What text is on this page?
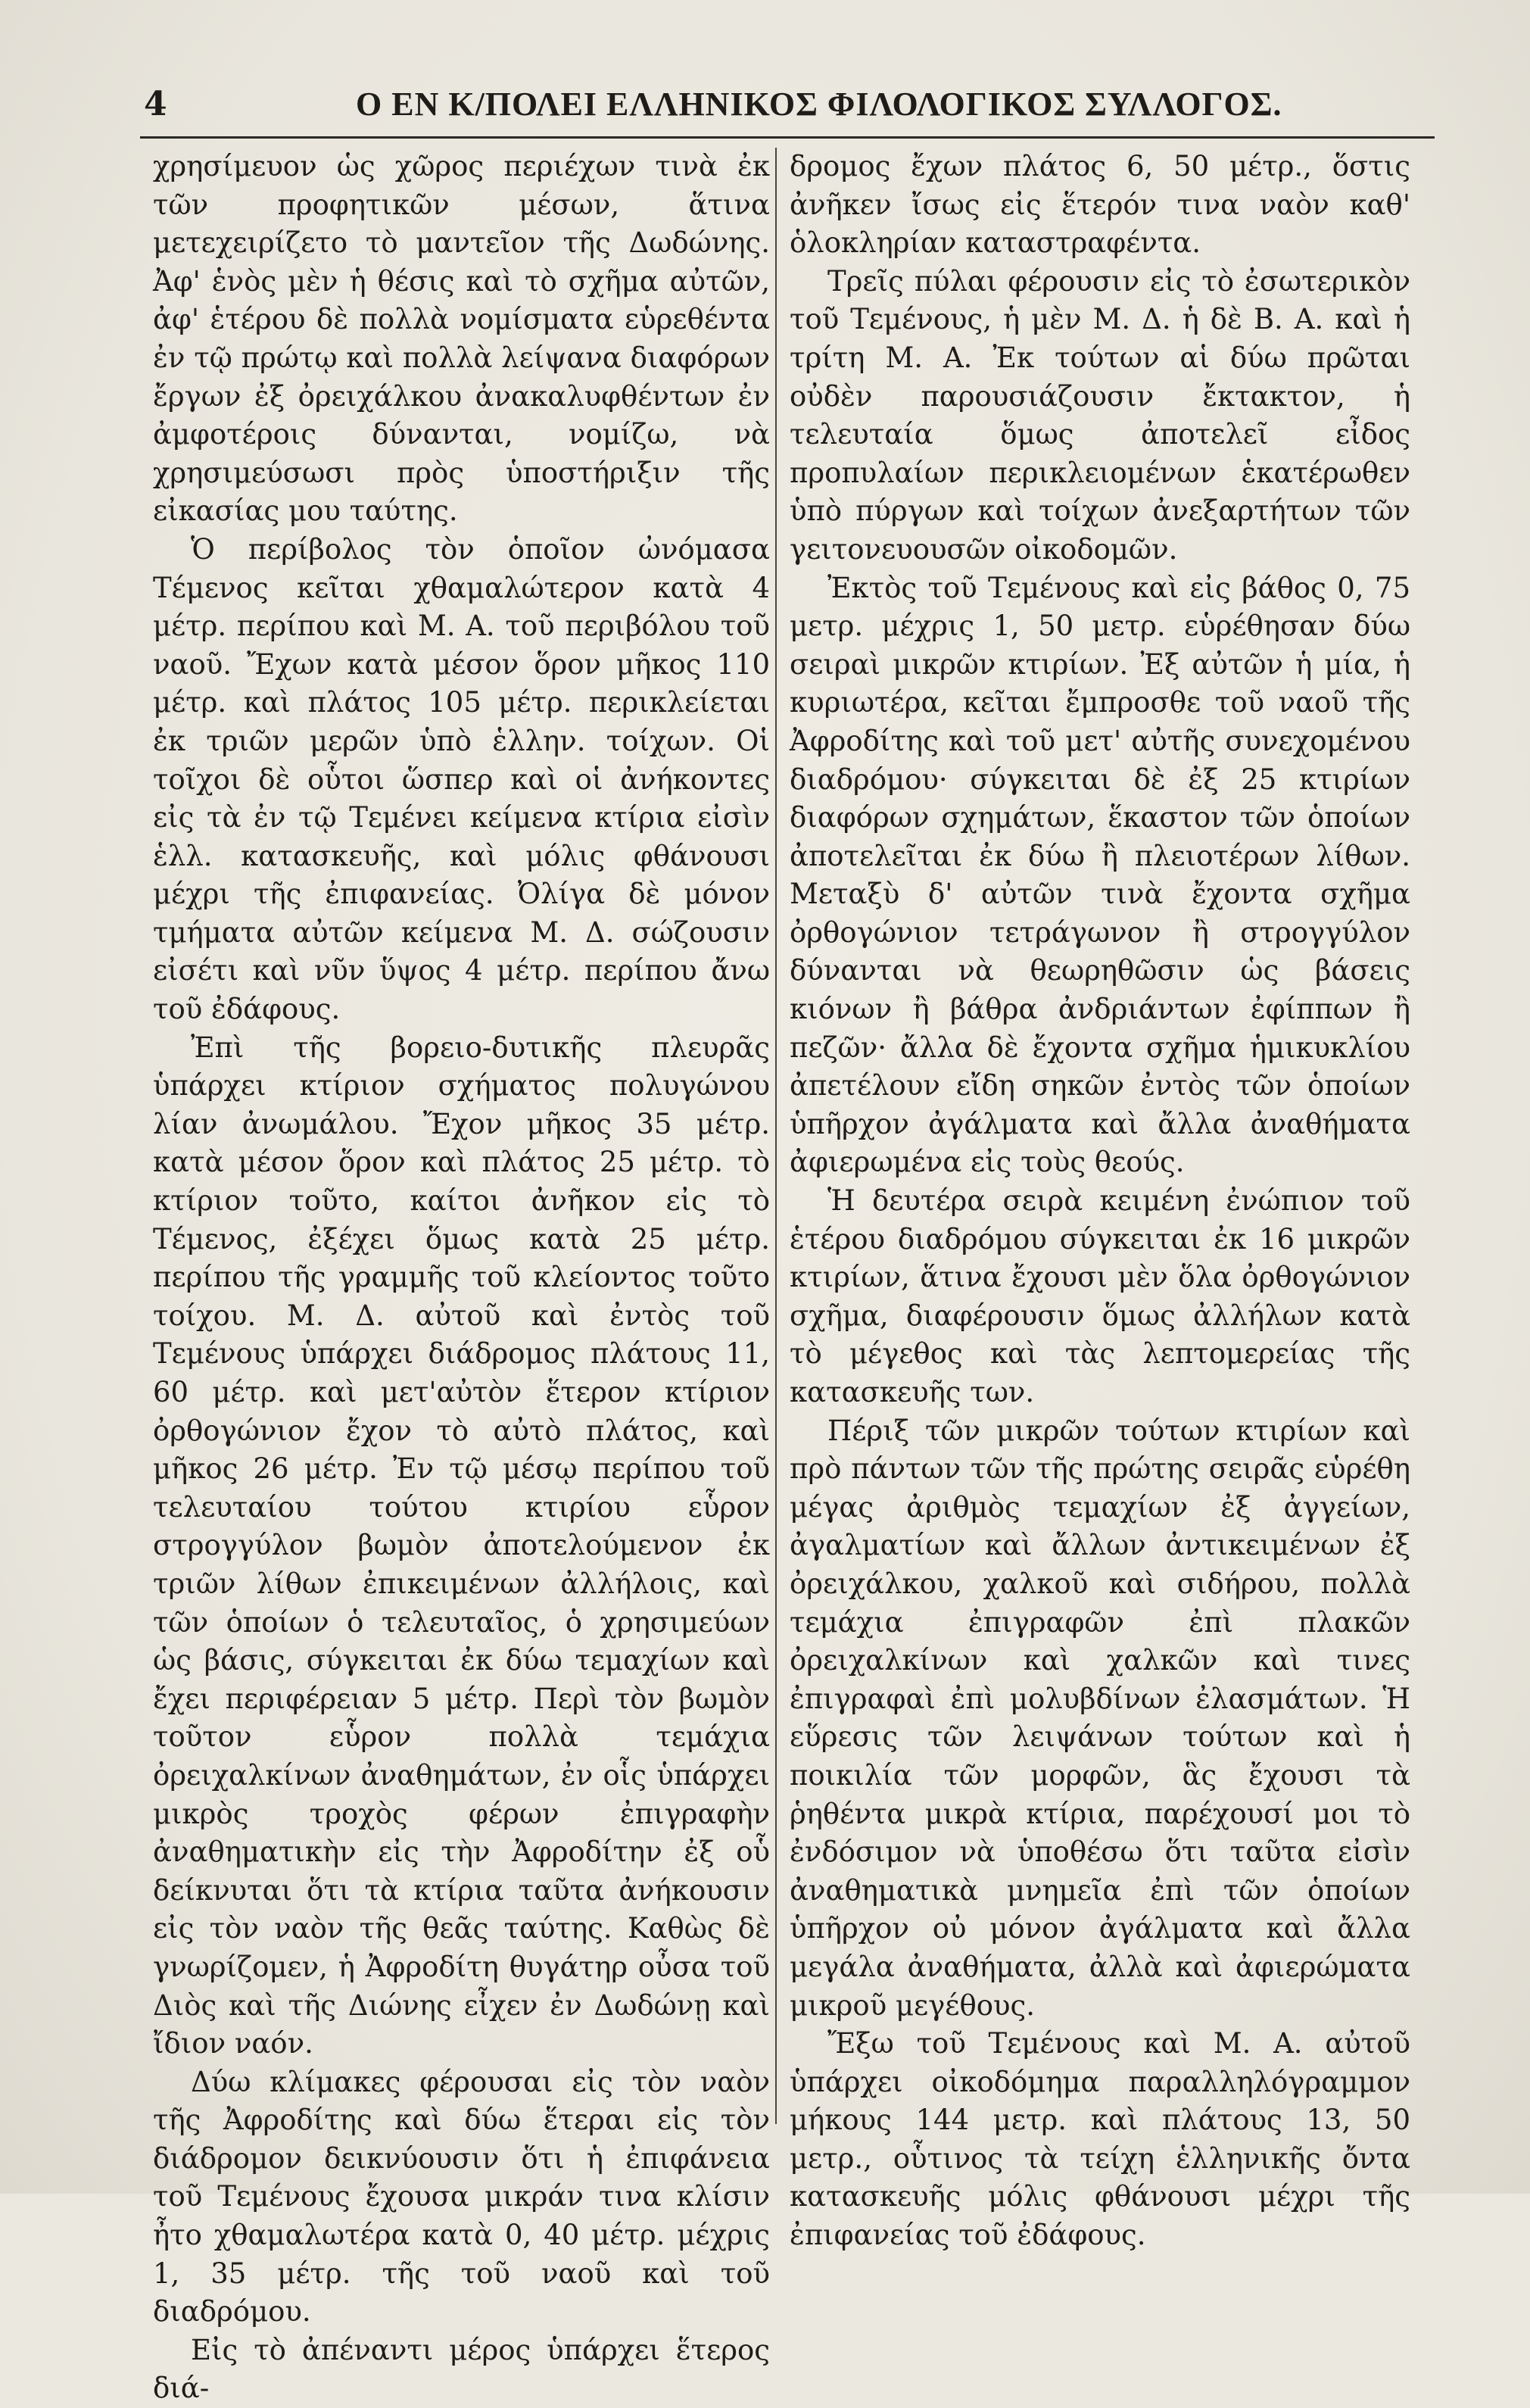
4	Ο ΕΝ Κ/ΠΟΛΕΙ ΕΛΛΗΝΙΚΟΣ ΦΙΛΟΛΟΓΙΚΟΣ ΣΥΛΛΟΓΟΣ.

χρησίμευον ὡς χῶρος περιέχων τινὰ ἐκ τῶν προφητικῶν μέσων, ἅτινα μετεχειρίζετο τὸ μαντεῖον τῆς Δωδώνης. Ἀφ' ἑνὸς μὲν ἡ θέσις καὶ τὸ σχῆμα αὐτῶν, ἀφ' ἑτέρου δὲ πολλὰ νομίσματα εὑρεθέντα ἐν τῷ πρώτῳ καὶ πολλὰ λείψανα διαφόρων ἔργων ἐξ ὀρειχάλκου ἀνακαλυφθέντων ἐν ἀμφοτέροις δύνανται, νομίζω, νὰ χρησιμεύσωσι πρὸς ὑποστήριξιν τῆς εἰκασίας μου ταύτης.

Ὁ περίβολος τὸν ὁποῖον ὠνόμασα Τέμενος κεῖται χθαμαλώτερον κατὰ 4 μέτρ. περίπου καὶ Μ. Α. τοῦ περιβόλου τοῦ ναοῦ. Ἔχων κατὰ μέσον ὅρον μῆκος 110 μέτρ. καὶ πλάτος 105 μέτρ. περικλείεται ἐκ τριῶν μερῶν ὑπὸ ἑλλην. τοίχων. Οἱ τοῖχοι δὲ οὗτοι ὥσπερ καὶ οἱ ἀνήκοντες εἰς τὰ ἐν τῷ Τεμένει κείμενα κτίρια εἰσὶν ἑλλ. κατασκευῆς, καὶ μόλις φθάνουσι μέχρι τῆς ἐπιφανείας. Ὀλίγα δὲ μόνον τμήματα αὐτῶν κείμενα Μ. Δ. σώζουσιν εἰσέτι καὶ νῦν ὕψος 4 μέτρ. περίπου ἄνω τοῦ ἐδάφους.

Ἐπὶ τῆς βορειο-δυτικῆς πλευρᾶς ὑπάρχει κτίριον σχήματος πολυγώνου λίαν ἀνωμάλου. Ἔχον μῆκος 35 μέτρ. κατὰ μέσον ὅρον καὶ πλάτος 25 μέτρ. τὸ κτίριον τοῦτο, καίτοι ἀνῆκον εἰς τὸ Τέμενος, ἐξέχει ὅμως κατὰ 25 μέτρ. περίπου τῆς γραμμῆς τοῦ κλείοντος τοῦτο τοίχου. Μ. Δ. αὐτοῦ καὶ ἐντὸς τοῦ Τεμένους ὑπάρχει διάδρομος πλάτους 11, 60 μέτρ. καὶ μετ'αὐτὸν ἕτερον κτίριον ὀρθογώνιον ἔχον τὸ αὐτὸ πλάτος, καὶ μῆκος 26 μέτρ. Ἐν τῷ μέσῳ περίπου τοῦ τελευταίου τούτου κτιρίου εὗρον στρογγύλον βωμὸν ἀποτελούμενον ἐκ τριῶν λίθων ἐπικειμένων ἀλλήλοις, καὶ τῶν ὁποίων ὁ τελευταῖος, ὁ χρησιμεύων ὡς βάσις, σύγκειται ἐκ δύω τεμαχίων καὶ ἔχει περιφέρειαν 5 μέτρ. Περὶ τὸν βωμὸν τοῦτον εὗρον πολλὰ τεμάχια ὀρειχαλκίνων ἀναθημάτων, ἐν οἷς ὑπάρχει μικρὸς τροχὸς φέρων ἐπιγραφὴν ἀναθηματικὴν εἰς τὴν Ἀφροδίτην ἐξ οὗ δείκνυται ὅτι τὰ κτίρια ταῦτα ἀνήκουσιν εἰς τὸν ναὸν τῆς θεᾶς ταύτης. Καθὼς δὲ γνωρίζομεν, ἡ Ἀφροδίτη θυγάτηρ οὖσα τοῦ Διὸς καὶ τῆς Διώνης εἶχεν ἐν Δωδώνῃ καὶ ἴδιον ναόν.

Δύω κλίμακες φέρουσαι εἰς τὸν ναὸν τῆς Ἀφροδίτης καὶ δύω ἕτεραι εἰς τὸν διάδρομον δεικνύουσιν ὅτι ἡ ἐπιφάνεια τοῦ Τεμένους ἔχουσα μικράν τινα κλίσιν ἦτο χθαμαλωτέρα κατὰ 0, 40 μέτρ. μέχρις 1, 35 μέτρ. τῆς τοῦ ναοῦ καὶ τοῦ διαδρόμου.

Εἰς τὸ ἀπέναντι μέρος ὑπάρχει ἕτερος διά-

δρομος ἔχων πλάτος 6, 50 μέτρ., ὅστις ἀνῆκεν ἴσως εἰς ἕτερόν τινα ναὸν καθ' ὁλοκληρίαν καταστραφέντα.

Τρεῖς πύλαι φέρουσιν εἰς τὸ ἐσωτερικὸν τοῦ Τεμένους, ἡ μὲν Μ. Δ. ἡ δὲ Β. Α. καὶ ἡ τρίτη Μ. Α. Ἐκ τούτων αἱ δύω πρῶται οὐδὲν παρουσιάζουσιν ἔκτακτον, ἡ τελευταία ὅμως ἀποτελεῖ εἶδος προπυλαίων περικλειομένων ἑκατέρωθεν ὑπὸ πύργων καὶ τοίχων ἀνεξαρτήτων τῶν γειτονευουσῶν οἰκοδομῶν.

Ἐκτὸς τοῦ Τεμένους καὶ εἰς βάθος 0, 75 μετρ. μέχρις 1, 50 μετρ. εὑρέθησαν δύω σειραὶ μικρῶν κτιρίων. Ἐξ αὐτῶν ἡ μία, ἡ κυριωτέρα, κεῖται ἔμπροσθε τοῦ ναοῦ τῆς Ἀφροδίτης καὶ τοῦ μετ' αὐτῆς συνεχομένου διαδρόμου· σύγκειται δὲ ἐξ 25 κτιρίων διαφόρων σχημάτων, ἕκαστον τῶν ὁποίων ἀποτελεῖται ἐκ δύω ἢ πλειοτέρων λίθων. Μεταξὺ δ' αὐτῶν τινὰ ἔχοντα σχῆμα ὀρθογώνιον τετράγωνον ἢ στρογγύλον δύνανται νὰ θεωρηθῶσιν ὡς βάσεις κιόνων ἢ βάθρα ἀνδριάντων ἐφίππων ἢ πεζῶν· ἄλλα δὲ ἔχοντα σχῆμα ἡμικυκλίου ἀπετέλουν εἴδη σηκῶν ἐντὸς τῶν ὁποίων ὑπῆρχον ἀγάλματα καὶ ἄλλα ἀναθήματα ἀφιερωμένα εἰς τοὺς θεούς.

Ἡ δευτέρα σειρὰ κειμένη ἐνώπιον τοῦ ἑτέρου διαδρόμου σύγκειται ἐκ 16 μικρῶν κτιρίων, ἅτινα ἔχουσι μὲν ὅλα ὀρθογώνιον σχῆμα, διαφέρουσιν ὅμως ἀλλήλων κατὰ τὸ μέγεθος καὶ τὰς λεπτομερείας τῆς κατασκευῆς των.

Πέριξ τῶν μικρῶν τούτων κτιρίων καὶ πρὸ πάντων τῶν τῆς πρώτης σειρᾶς εὑρέθη μέγας ἀριθμὸς τεμαχίων ἐξ ἀγγείων, ἀγαλματίων καὶ ἄλλων ἀντικειμένων ἐξ ὀρειχάλκου, χαλκοῦ καὶ σιδήρου, πολλὰ τεμάχια ἐπιγραφῶν ἐπὶ πλακῶν ὀρειχαλκίνων καὶ χαλκῶν καὶ τινες ἐπιγραφαὶ ἐπὶ μολυβδίνων ἐλασμάτων. Ἡ εὕρεσις τῶν λειψάνων τούτων καὶ ἡ ποικιλία τῶν μορφῶν, ἃς ἔχουσι τὰ ῥηθέντα μικρὰ κτίρια, παρέχουσί μοι τὸ ἐνδόσιμον νὰ ὑποθέσω ὅτι ταῦτα εἰσὶν ἀναθηματικὰ μνημεῖα ἐπὶ τῶν ὁποίων ὑπῆρχον οὐ μόνον ἀγάλματα καὶ ἄλλα μεγάλα ἀναθήματα, ἀλλὰ καὶ ἀφιερώματα μικροῦ μεγέθους.

Ἔξω τοῦ Τεμένους καὶ Μ. Α. αὐτοῦ ὑπάρχει οἰκοδόμημα παραλληλόγραμμον μήκους 144 μετρ. καὶ πλάτους 13, 50 μετρ., οὗτινος τὰ τείχη ἑλληνικῆς ὄντα κατασκευῆς μόλις φθάνουσι μέχρι τῆς ἐπιφανείας τοῦ ἐδάφους.
